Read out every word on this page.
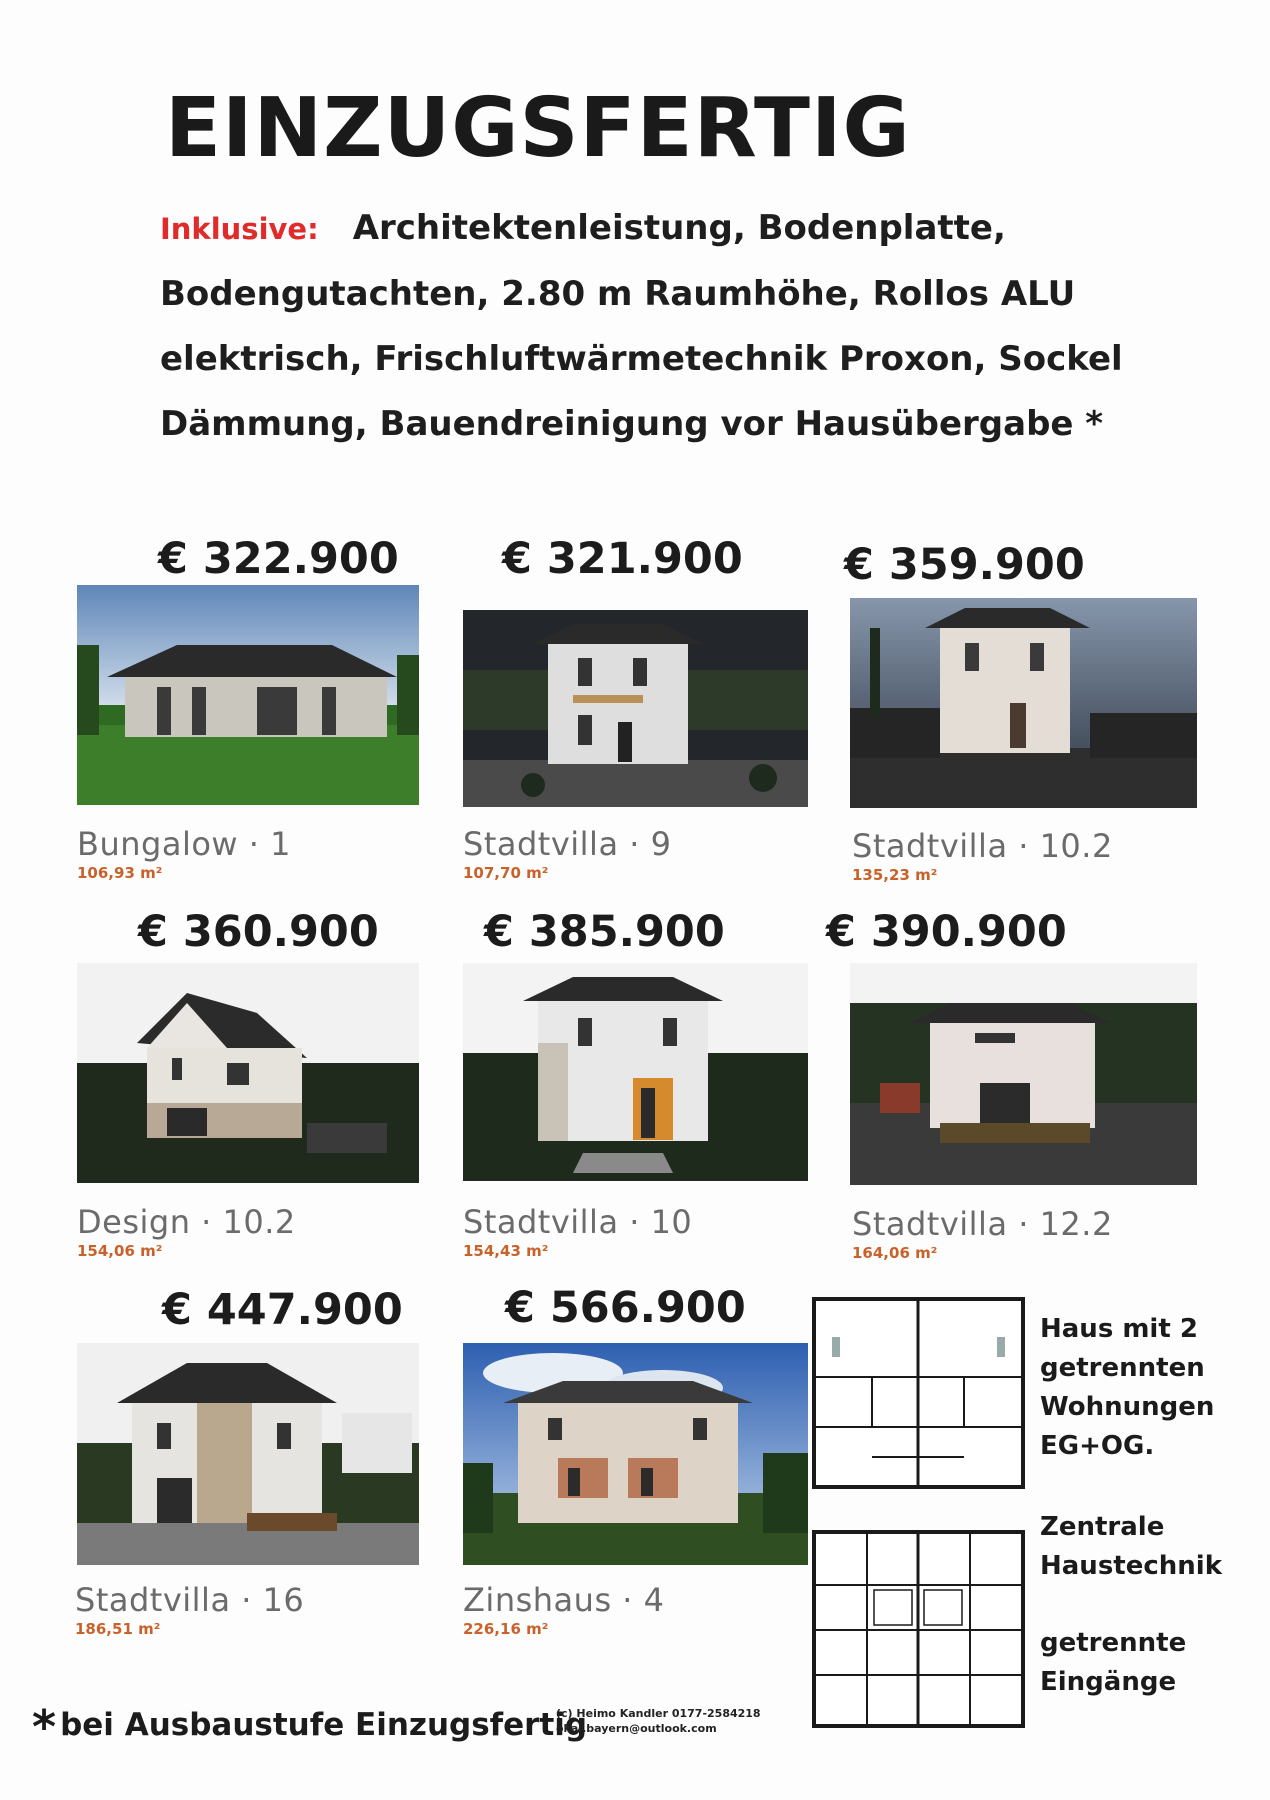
EINZUGSFERTIG
Inklusive: Architektenleistung, Bodenplatte,
Bodengutachten, 2.80 m Raumhöhe, Rollos ALU
elektrisch, Frischluftwärmetechnik Proxon, Sockel
Dämmung, Bauendreinigung vor Hausübergabe *
€ 322.900
Bungalow · 1
106,93 m²
€ 321.900
Stadtvilla · 9
107,70 m²
€ 359.900
Stadtvilla · 10.2
135,23 m²
€ 360.900
Design · 10.2
154,06 m²
€ 385.900
Stadtvilla · 10
154,43 m²
€ 390.900
Stadtvilla · 12.2
164,06 m²
€ 447.900
Stadtvilla · 16
186,51 m²
€ 566.900
Zinshaus · 4
226,16 m²
Haus mit 2
getrennten
Wohnungen
EG+OG.
Zentrale
Haustechnik
getrennte
Eingänge
* bei Ausbaustufe Einzugsfertig
(c) Heimo Kandler 0177-2584218
okal.bayern@outlook.com
